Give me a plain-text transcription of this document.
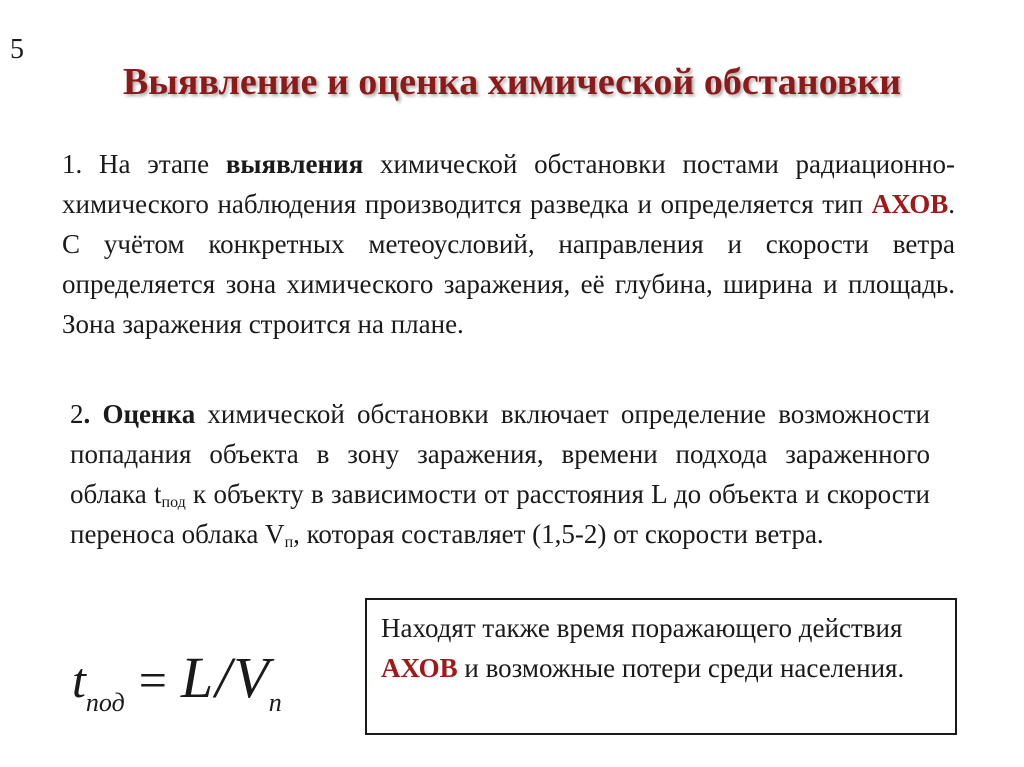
5
Выявление и оценка химической обстановки
1. На этапе выявления химической обстановки постами радиационно-химического наблюдения производится разведка и определяется тип АХОВ. С учётом конкретных метеоусловий, направления и скорости ветра определяется зона химического заражения, её глубина, ширина и площадь. Зона заражения строится на плане.
2. Оценка химической обстановки включает определение возможности попадания объекта в зону заражения, времени подхода зараженного облака $t_{под}$ к объекту в зависимости от расстояния L до объекта и скорости переноса облака $V_п$, которая составляет (1,5-2) от скорости ветра.
$t_{под} = L/V_п$
Находят также время поражающего действия АХОВ и возможные потери среди населения.
